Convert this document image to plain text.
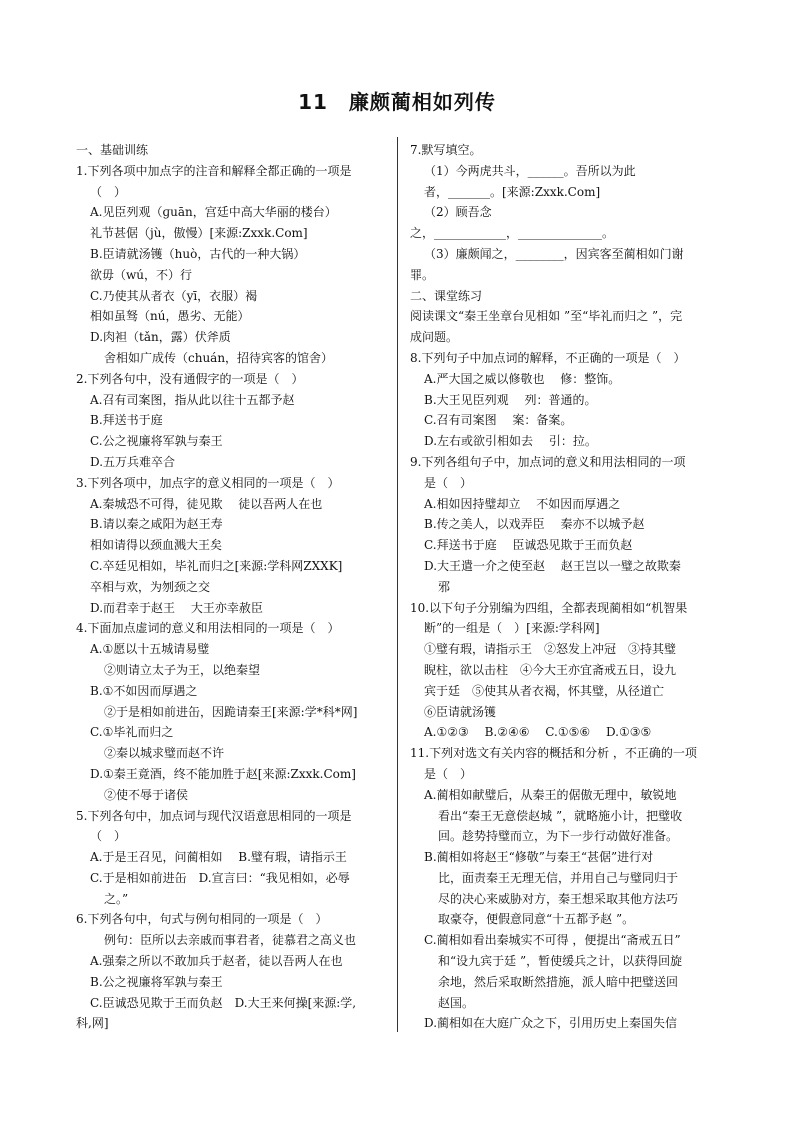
11　廉颇蔺相如列传
一、基础训练
1.下列各项中加点字的注音和解释全都正确的一项是
（　）
A.见臣列观（ɡuān，宫廷中高大华丽的楼台）
礼节甚倨（jù，傲慢）[来源:Zxxk.Com]
B.臣请就汤镬（huò，古代的一种大锅）
欲毋（wú，不）行
C.乃使其从者衣（yī，衣服）褐
相如虽驽（nú，愚劣、无能）
D.肉袒（tǎn，露）伏斧质
舍相如广成传（chuán，招待宾客的馆舍）
2.下列各句中，没有通假字的一项是（　）
A.召有司案图，指从此以往十五都予赵
B.拜送书于庭
C.公之视廉将军孰与秦王
D.五万兵难卒合
3.下列各项中，加点字的意义相同的一项是（　）
A.秦城恐不可得，徒见欺　 徒以吾两人在也
B.请以秦之咸阳为赵王寿
相如请得以颈血溅大王矣
C.卒廷见相如，毕礼而归之[来源:学科网ZXXK]
卒相与欢，为刎颈之交
D.而君幸于赵王　 大王亦幸赦臣
4.下面加点虚词的意义和用法相同的一项是（　）
A.①愿以十五城请易璧
②则请立太子为王，以绝秦望
B.①不如因而厚遇之
②于是相如前进缶，因跪请秦王[来源:学*科*网]
C.①毕礼而归之
②秦以城求璧而赵不许
D.①秦王竟酒，终不能加胜于赵[来源:Zxxk.Com]
②使不辱于诸侯
5.下列各句中，加点词与现代汉语意思相同的一项是
（　）
A.于是王召见，问蔺相如　 B.璧有瑕，请指示王
C.于是相如前进缶　D.宣言曰：“我见相如，必辱
之。”
6.下列各句中，句式与例句相同的一项是（　）
例句：臣所以去亲戚而事君者，徒慕君之高义也
A.强秦之所以不敢加兵于赵者，徒以吾两人在也
B.公之视廉将军孰与秦王
C.臣诚恐见欺于王而负赵　D.大王来何操[来源:学,
科,网]
7.默写填空。
（1）今两虎共斗，______。吾所以为此
者，_______。[来源:Zxxk.Com]
（2）顾吾念
之，____________，______________。
（3）廉颇闻之，________，因宾客至蔺相如门谢
罪。
二、课堂练习
阅读课文“秦王坐章台见相如 ”至“毕礼而归之 ”，完
成问题。
8.下列句子中加点词的解释，不正确的一项是（　）
A.严大国之威以修敬也　 修：整饰。
B.大王见臣列观　 列：普通的。
C.召有司案图　 案：备案。
D.左右或欲引相如去　 引：拉。
9.下列各组句子中，加点词的意义和用法相同的一项
是（　）
A.相如因持璧却立　 不如因而厚遇之
B.传之美人，以戏弄臣　 秦亦不以城予赵
C.拜送书于庭　 臣诚恐见欺于王而负赵
D.大王遣一介之使至赵　 赵王岂以一璧之故欺秦
邪
10.以下句子分别编为四组，全都表现蔺相如“机智果
断”的一组是（　）[来源:学科网]
①璧有瑕，请指示王　②怒发上冲冠　③持其璧
睨柱，欲以击柱　④今大王亦宜斋戒五日，设九
宾于廷　⑤使其从者衣褐，怀其璧，从径道亡
⑥臣请就汤镬
A.①②③　 B.②④⑥　 C.①⑤⑥　 D.①③⑤
11.下列对选文有关内容的概括和分析 ，不正确的一项
是（　）
A.蔺相如献璧后，从秦王的倨傲无理中，敏锐地
看出“秦王无意偿赵城 ”，就略施小计，把璧收
回。趁势持璧而立，为下一步行动做好准备。
B.蔺相如将赵王“修敬”与秦王“甚倨”进行对
比，面责秦王无理无信，并用自己与璧同归于
尽的决心来威胁对方，秦王想采取其他方法巧
取豪夺，便假意同意“十五都予赵 ”。
C.蔺相如看出秦城实不可得 ，便提出“斋戒五日”
和“设九宾于廷 ”，暂使缓兵之计，以获得回旋
余地，然后采取断然措施，派人暗中把璧送回
赵国。
D.蔺相如在大庭广众之下，引用历史上秦国失信
